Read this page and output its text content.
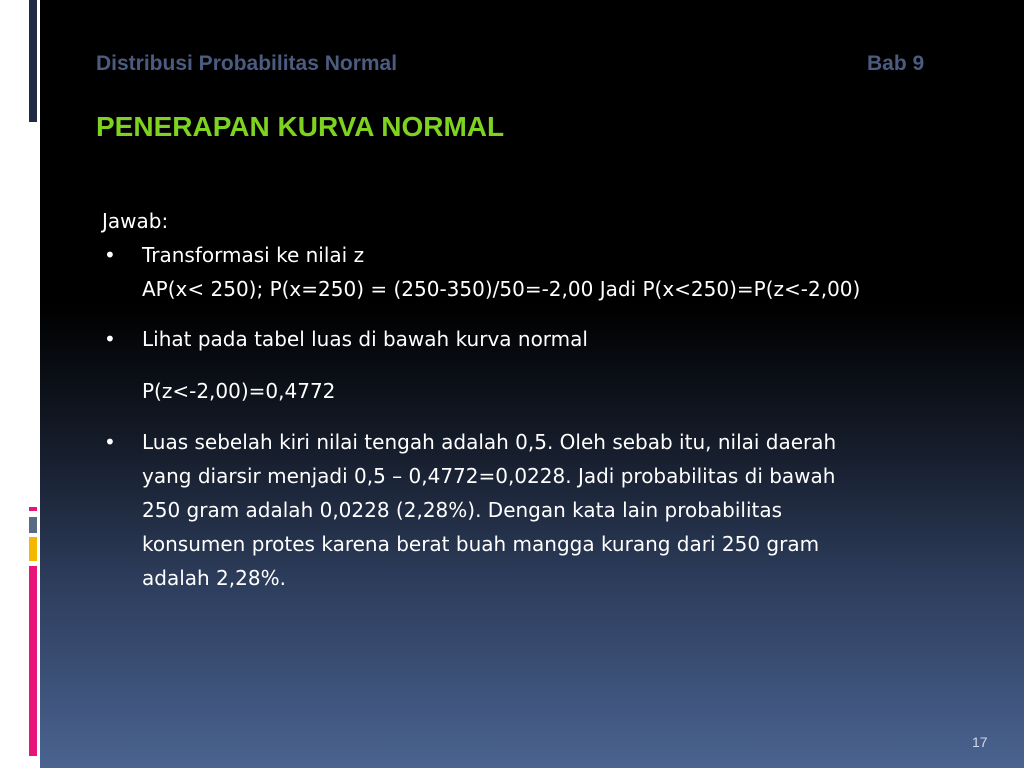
Distribusi Probabilitas Normal	Bab 9
PENERAPAN KURVA NORMAL
Jawab:
• Transformasi ke nilai z
AP(x< 250); P(x=250) = (250-350)/50=-2,00 Jadi P(x<250)=P(z<-2,00)
• Lihat pada tabel luas di bawah kurva normal
P(z<-2,00)=0,4772
• Luas sebelah kiri nilai tengah adalah 0,5. Oleh sebab itu, nilai daerah
yang diarsir menjadi 0,5 – 0,4772=0,0228. Jadi probabilitas di bawah
250 gram adalah 0,0228 (2,28%). Dengan kata lain probabilitas
konsumen protes karena berat buah mangga kurang dari 250 gram
adalah 2,28%.
17
